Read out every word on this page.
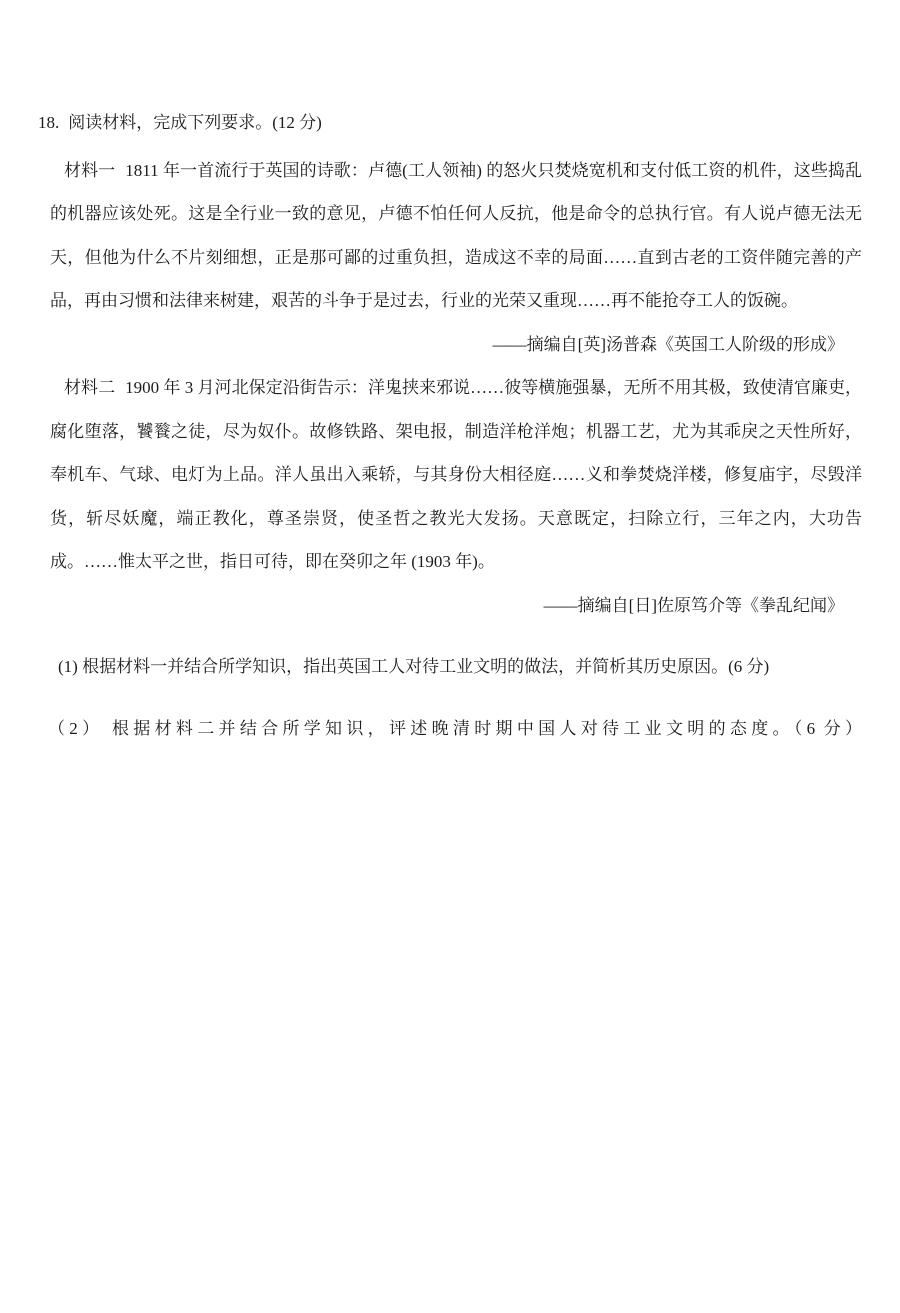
18. 阅读材料，完成下列要求。(12 分)

材料一 1811 年一首流行于英国的诗歌：卢德(工人领袖) 的怒火只焚烧宽机和支付低工资的机件，这些捣乱的机器应该处死。这是全行业一致的意见，卢德不怕任何人反抗，他是命令的总执行官。有人说卢德无法无天，但他为什么不片刻细想，正是那可鄙的过重负担，造成这不幸的局面……直到古老的工资伴随完善的产品，再由习惯和法律来树建，艰苦的斗争于是过去，行业的光荣又重现……再不能抢夺工人的饭碗。

——摘编自[英]汤普森《英国工人阶级的形成》

材料二 1900 年 3 月河北保定沿街告示：洋鬼挟来邪说……彼等横施强暴，无所不用其极，致使清官廉吏，腐化堕落，饕餮之徒，尽为奴仆。故修铁路、架电报，制造洋枪洋炮；机器工艺，尤为其乖戾之天性所好，奉机车、气球、电灯为上品。洋人虽出入乘轿，与其身份大相径庭……义和拳焚烧洋楼，修复庙宇，尽毁洋货，斩尽妖魔，端正教化，尊圣崇贤，使圣哲之教光大发扬。天意既定，扫除立行，三年之内，大功告成。……惟太平之世，指日可待，即在癸卯之年 (1903 年)。

——摘编自[日]佐原笃介等《拳乱纪闻》

(1) 根据材料一并结合所学知识，指出英国工人对待工业文明的做法，并简析其历史原因。(6 分)

（2） 根据材料二并结合所学知识，评述晚清时期中国人对待工业文明的态度。（6 分）
